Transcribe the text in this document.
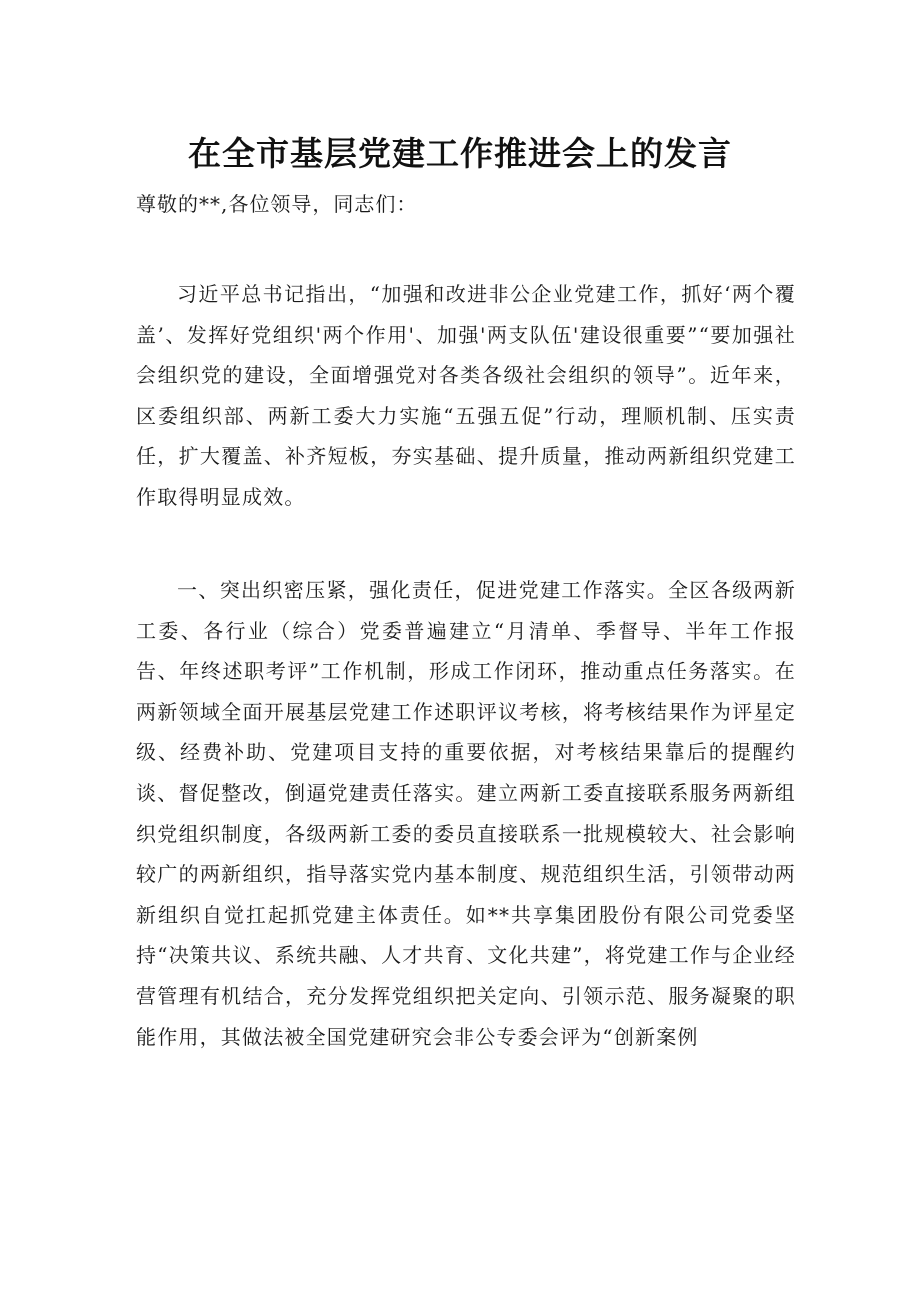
在全市基层党建工作推进会上的发言
尊敬的**,各位领导，同志们：

习近平总书记指出，“加强和改进非公企业党建工作，抓好‘两个覆盖’、发挥好党组织'两个作用'、加强'两支队伍'建设很重要”“要加强社会组织党的建设，全面增强党对各类各级社会组织的领导”。近年来，区委组织部、两新工委大力实施“五强五促”行动，理顺机制、压实责任，扩大覆盖、补齐短板，夯实基础、提升质量，推动两新组织党建工作取得明显成效。

一、突出织密压紧，强化责任，促进党建工作落实。全区各级两新工委、各行业（综合）党委普遍建立“月清单、季督导、半年工作报告、年终述职考评”工作机制，形成工作闭环，推动重点任务落实。在两新领域全面开展基层党建工作述职评议考核，将考核结果作为评星定级、经费补助、党建项目支持的重要依据，对考核结果靠后的提醒约谈、督促整改，倒逼党建责任落实。建立两新工委直接联系服务两新组织党组织制度，各级两新工委的委员直接联系一批规模较大、社会影响较广的两新组织，指导落实党内基本制度、规范组织生活，引领带动两新组织自觉扛起抓党建主体责任。如**共享集团股份有限公司党委坚持“决策共议、系统共融、人才共育、文化共建”，将党建工作与企业经营管理有机结合，充分发挥党组织把关定向、引领示范、服务凝聚的职能作用，其做法被全国党建研究会非公专委会评为“创新案例
